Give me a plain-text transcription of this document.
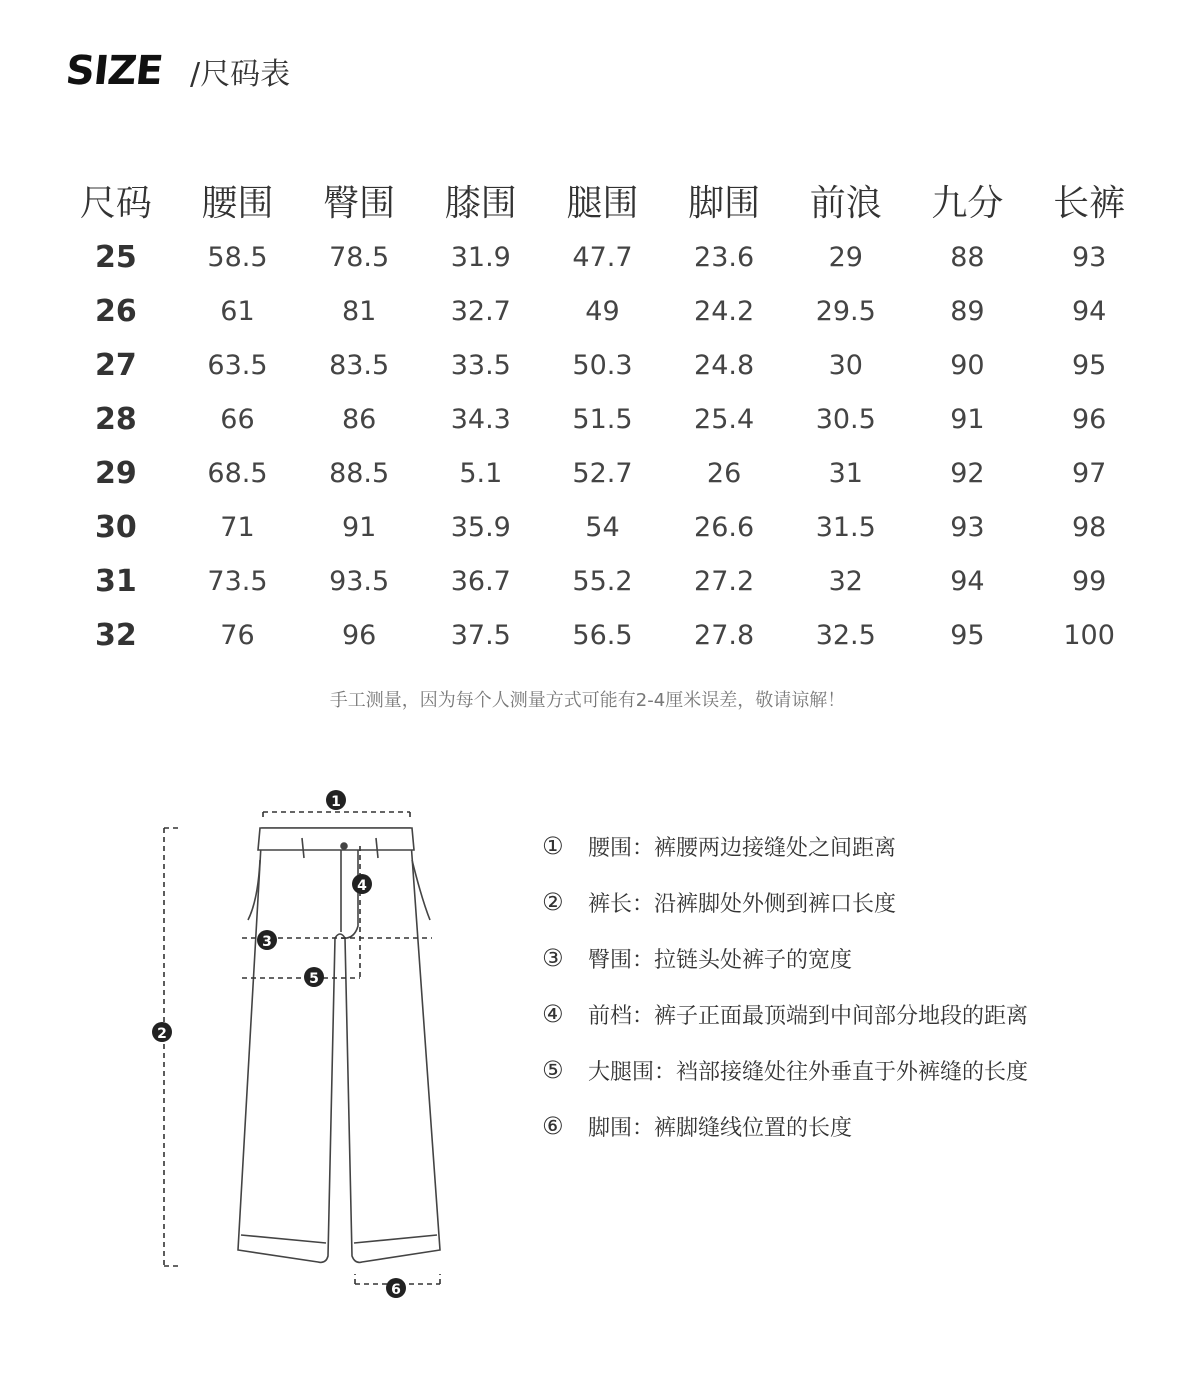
SIZE /尺码表
尺码	腰围	臀围	膝围	腿围	脚围	前浪	九分	长裤
25	58.5	78.5	31.9	47.7	23.6	29	88	93
26	61	81	32.7	49	24.2	29.5	89	94
27	63.5	83.5	33.5	50.3	24.8	30	90	95
28	66	86	34.3	51.5	25.4	30.5	91	96
29	68.5	88.5	5.1	52.7	26	31	92	97
30	71	91	35.9	54	26.6	31.5	93	98
31	73.5	93.5	36.7	55.2	27.2	32	94	99
32	76	96	37.5	56.5	27.8	32.5	95	100
手工测量，因为每个人测量方式可能有2-4厘米误差，敬请谅解！
1
2
3
4
5
6
①	腰围 ：裤腰两边接缝处之间距离
②	裤长 ：沿裤脚处外侧到裤口长度
③	臀围 ：拉链头处裤子的宽度
④	前档 ：裤子正面最顶端到中间部分地段的距离
⑤	大腿围 ：裆部接缝处往外垂直于外裤缝的长度
⑥	脚围 ：裤脚缝线位置的长度
